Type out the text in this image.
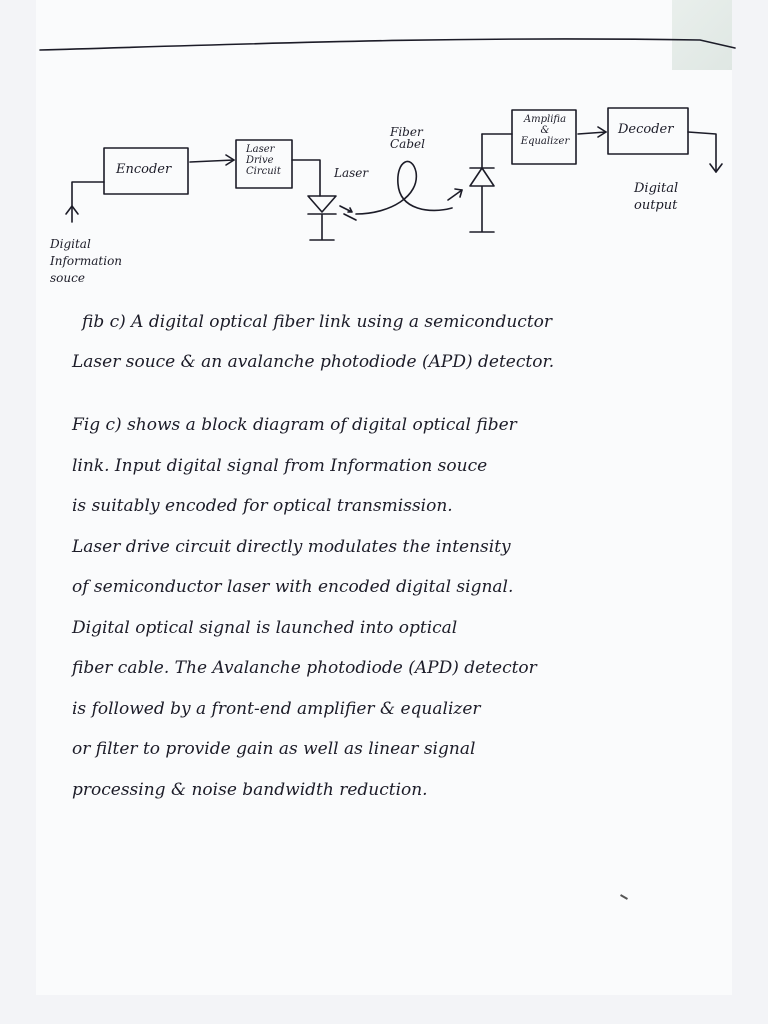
Encoder
Laser
Drive
Circuit	Laser
Fiber
Cabel
Amplifia
&
Equalizer
Decoder
Digital
output
Digital
Information
souce
fib c) A digital optical fiber link using a semiconductor
Laser souce & an avalanche photodiode (APD) detector.
Fig c) shows a block diagram of digital optical fiber
link. Input digital signal from Information souce
is suitably encoded for optical transmission.
Laser drive circuit directly modulates the intensity
of semiconductor laser with encoded digital signal.
Digital optical signal is launched into optical
fiber cable. The Avalanche photodiode (APD) detector
is followed by a front-end amplifier & equalizer
or filter to provide gain as well as linear signal
processing & noise bandwidth reduction.
